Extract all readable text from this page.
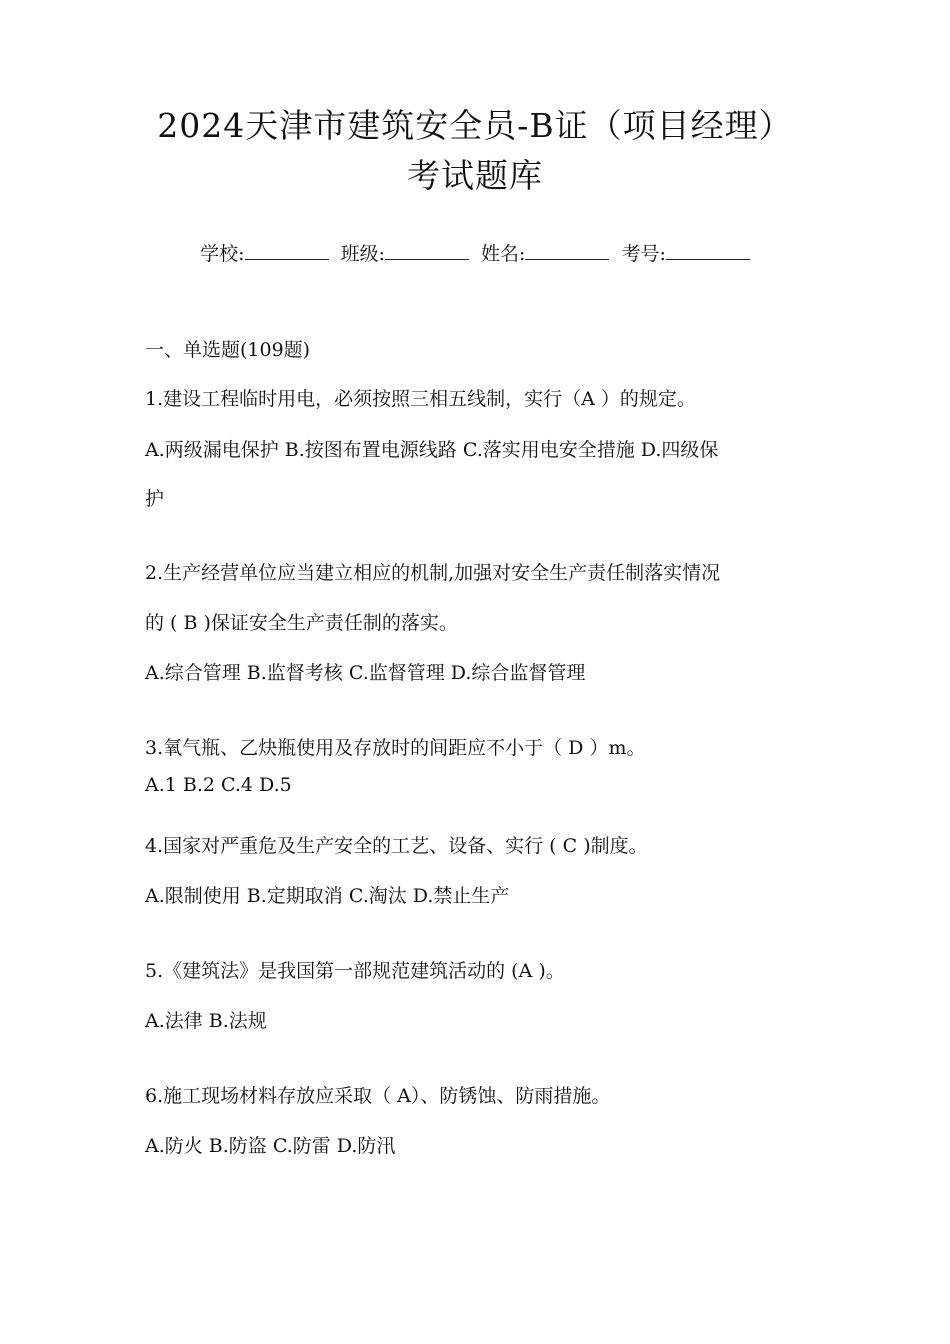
2024天津市建筑安全员-B证（项目经理）
考试题库
学校:	班级:	姓名:	考号:
一、单选题(109题)
1.建设工程临时用电，必须按照三相五线制，实行（A ）的规定。
A.两级漏电保护 B.按图布置电源线路 C.落实用电安全措施 D.四级保
护
2.生产经营单位应当建立相应的机制,加强对安全生产责任制落实情况
的 ( B )保证安全生产责任制的落实。
A.综合管理 B.监督考核 C.监督管理 D.综合监督管理
3.氧气瓶、乙炔瓶使用及存放时的间距应不小于（ D ）m。
A.1 B.2 C.4 D.5
4.国家对严重危及生产安全的工艺、设备、实行 ( C )制度。
A.限制使用 B.定期取消 C.淘汰 D.禁止生产
5.《建筑法》是我国第一部规范建筑活动的 (A )。
A.法律 B.法规
6.施工现场材料存放应采取（ A）、防锈蚀、防雨措施。
A.防火 B.防盗 C.防雷 D.防汛
